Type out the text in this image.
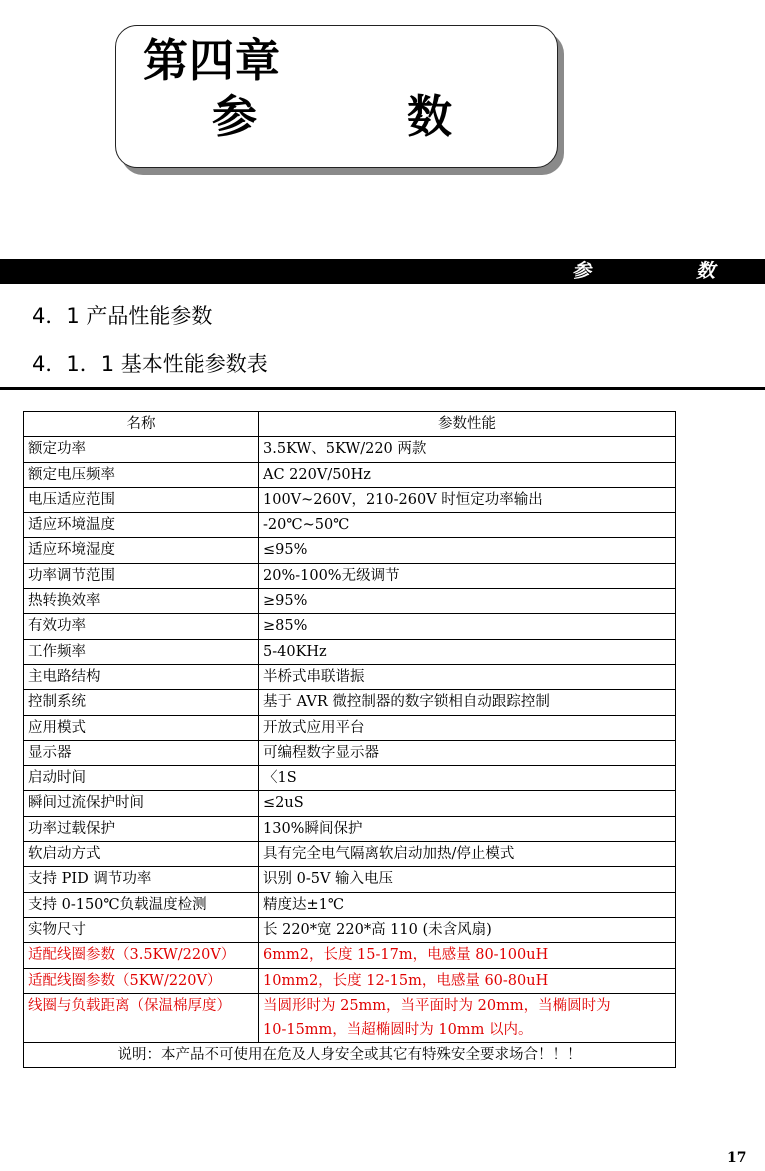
第四章
参	数
参	数
4．1 产品性能参数
4．1．1 基本性能参数表
名称	参数性能
额定功率	3.5KW、5KW/220 两款
额定电压频率	AC 220V/50Hz
电压适应范围	100V~260V，210-260V 时恒定功率输出
适应环境温度	-20℃~50℃
适应环境湿度	≤95%
功率调节范围	20%-100%无级调节
热转换效率	≥95%
有效功率	≥85%
工作频率	5-40KHz
主电路结构	半桥式串联谐振
控制系统	基于 AVR 微控制器的数字锁相自动跟踪控制
应用模式	开放式应用平台
显示器	可编程数字显示器
启动时间	〈1S
瞬间过流保护时间	≤2uS
功率过载保护	130%瞬间保护
软启动方式	具有完全电气隔离软启动加热/停止模式
支持 PID 调节功率	识别 0-5V 输入电压
支持 0-150℃负载温度检测	精度达±1℃
实物尺寸	长 220*宽 220*高 110 (未含风扇)
适配线圈参数（3.5KW/220V）	6mm2，长度 15-17m，电感量 80-100uH
适配线圈参数（5KW/220V）	10mm2，长度 12-15m，电感量 60-80uH
线圈与负载距离（保温棉厚度）	当圆形时为 25mm，当平面时为 20mm，当椭圆时为
10-15mm，当超椭圆时为 10mm 以内。

说明：本产品不可使用在危及人身安全或其它有特殊安全要求场合！！！	
17
